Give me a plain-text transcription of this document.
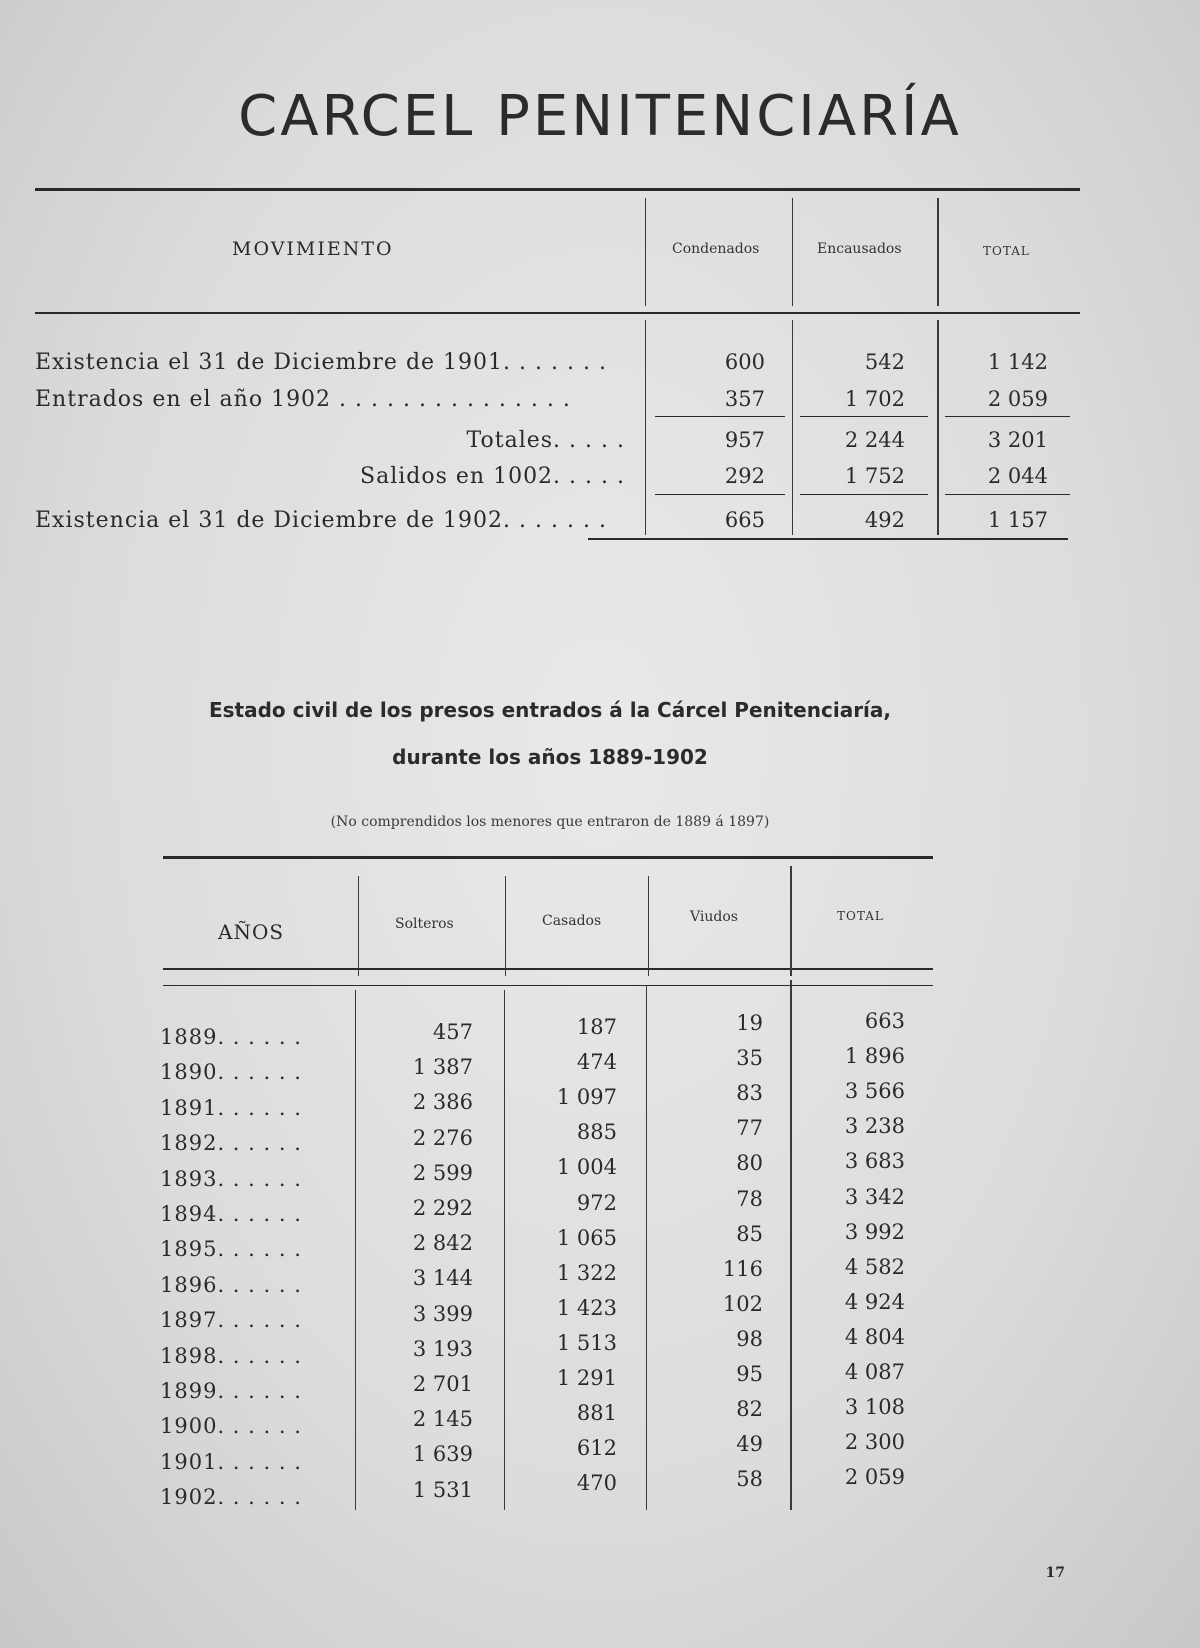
CARCEL PENITENCIARÍA
MOVIMIENTO	Condenados	Encausados	TOTAL
Existencia el 31 de Diciembre de 1901. . . . . . .	600	542	1 142
Entrados en el año 1902 . . . . . . . . . . . . . . .	357	1 702	2 059
Totales. . . . .	957	2 244	3 201
Salidos en 1002. . . . .	292	1 752	2 044
Existencia el 31 de Diciembre de 1902. . . . . . .	665	492	1 157
Estado civil de los presos entrados á la Cárcel Penitenciaría,
durante los años 1889-1902
(No comprendidos los menores que entraron de 1889 á 1897)
AÑOS	Solteros	Casados	Viudos	TOTAL
1889. . . . . .	457	187	19	663
1890. . . . . .	1 387	474	35	1 896
1891. . . . . .	2 386	1 097	83	3 566
1892. . . . . .	2 276	885	77	3 238
1893. . . . . .	2 599	1 004	80	3 683
1894. . . . . .	2 292	972	78	3 342
1895. . . . . .	2 842	1 065	85	3 992
1896. . . . . .	3 144	1 322	116	4 582
1897. . . . . .	3 399	1 423	102	4 924
1898. . . . . .	3 193	1 513	98	4 804
1899. . . . . .	2 701	1 291	95	4 087
1900. . . . . .	2 145	881	82	3 108
1901. . . . . .	1 639	612	49	2 300
1902. . . . . .	1 531	470	58	2 059
17
